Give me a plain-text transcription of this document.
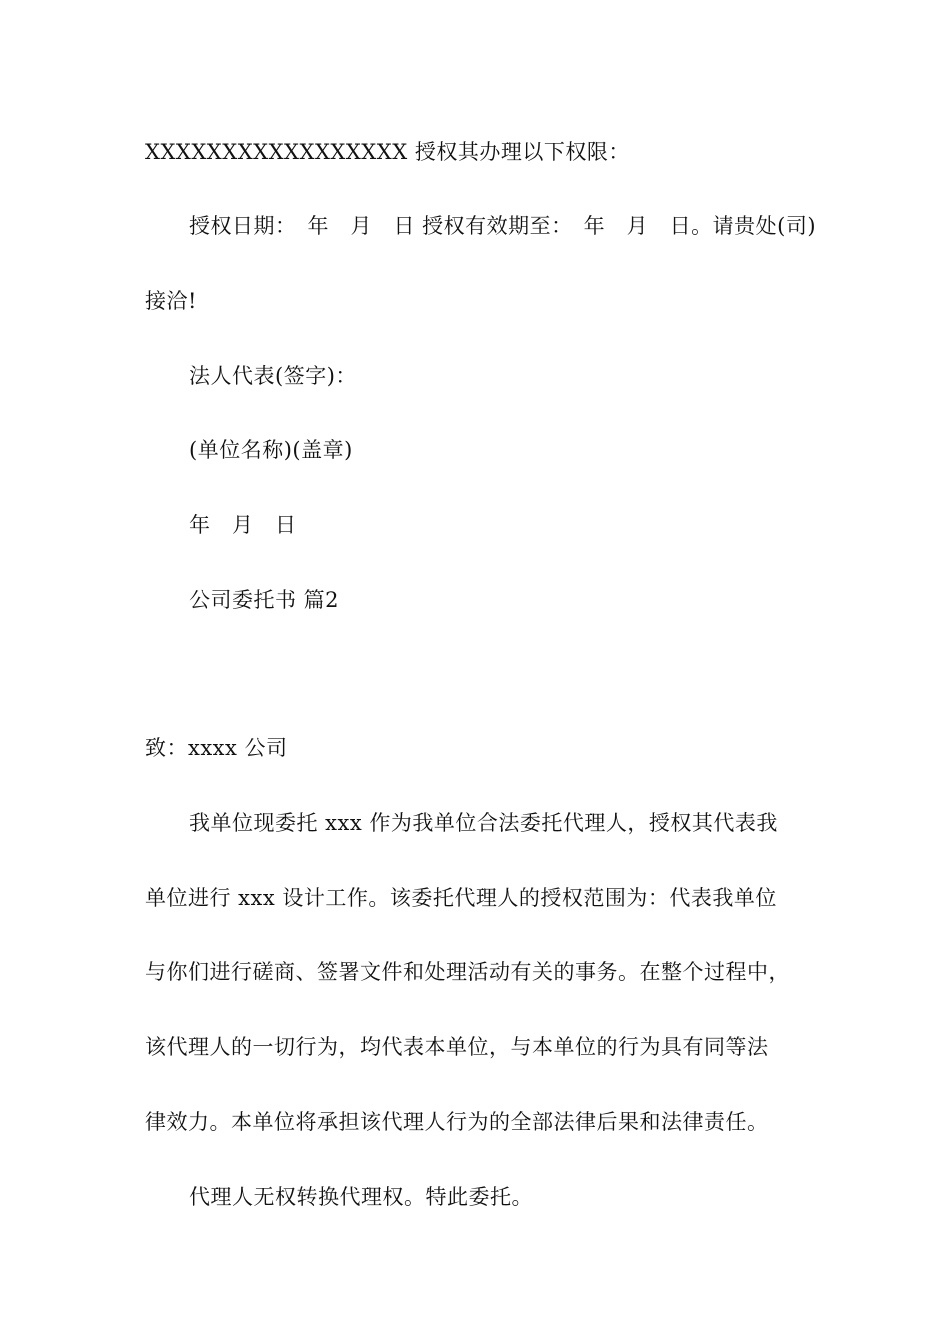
XXXXXXXXXXXXXXXXX 授权其办理以下权限：
授权日期：　年　月　日 授权有效期至：　年　月　日。请贵处(司)
接洽!
法人代表(签字)：
(单位名称)(盖章)
年　月　日
公司委托书 篇2
致：xxxx 公司
我单位现委托 xxx 作为我单位合法委托代理人，授权其代表我
单位进行 xxx 设计工作。该委托代理人的授权范围为：代表我单位
与你们进行磋商、签署文件和处理活动有关的事务。在整个过程中，
该代理人的一切行为，均代表本单位，与本单位的行为具有同等法
律效力。本单位将承担该代理人行为的全部法律后果和法律责任。
代理人无权转换代理权。特此委托。
